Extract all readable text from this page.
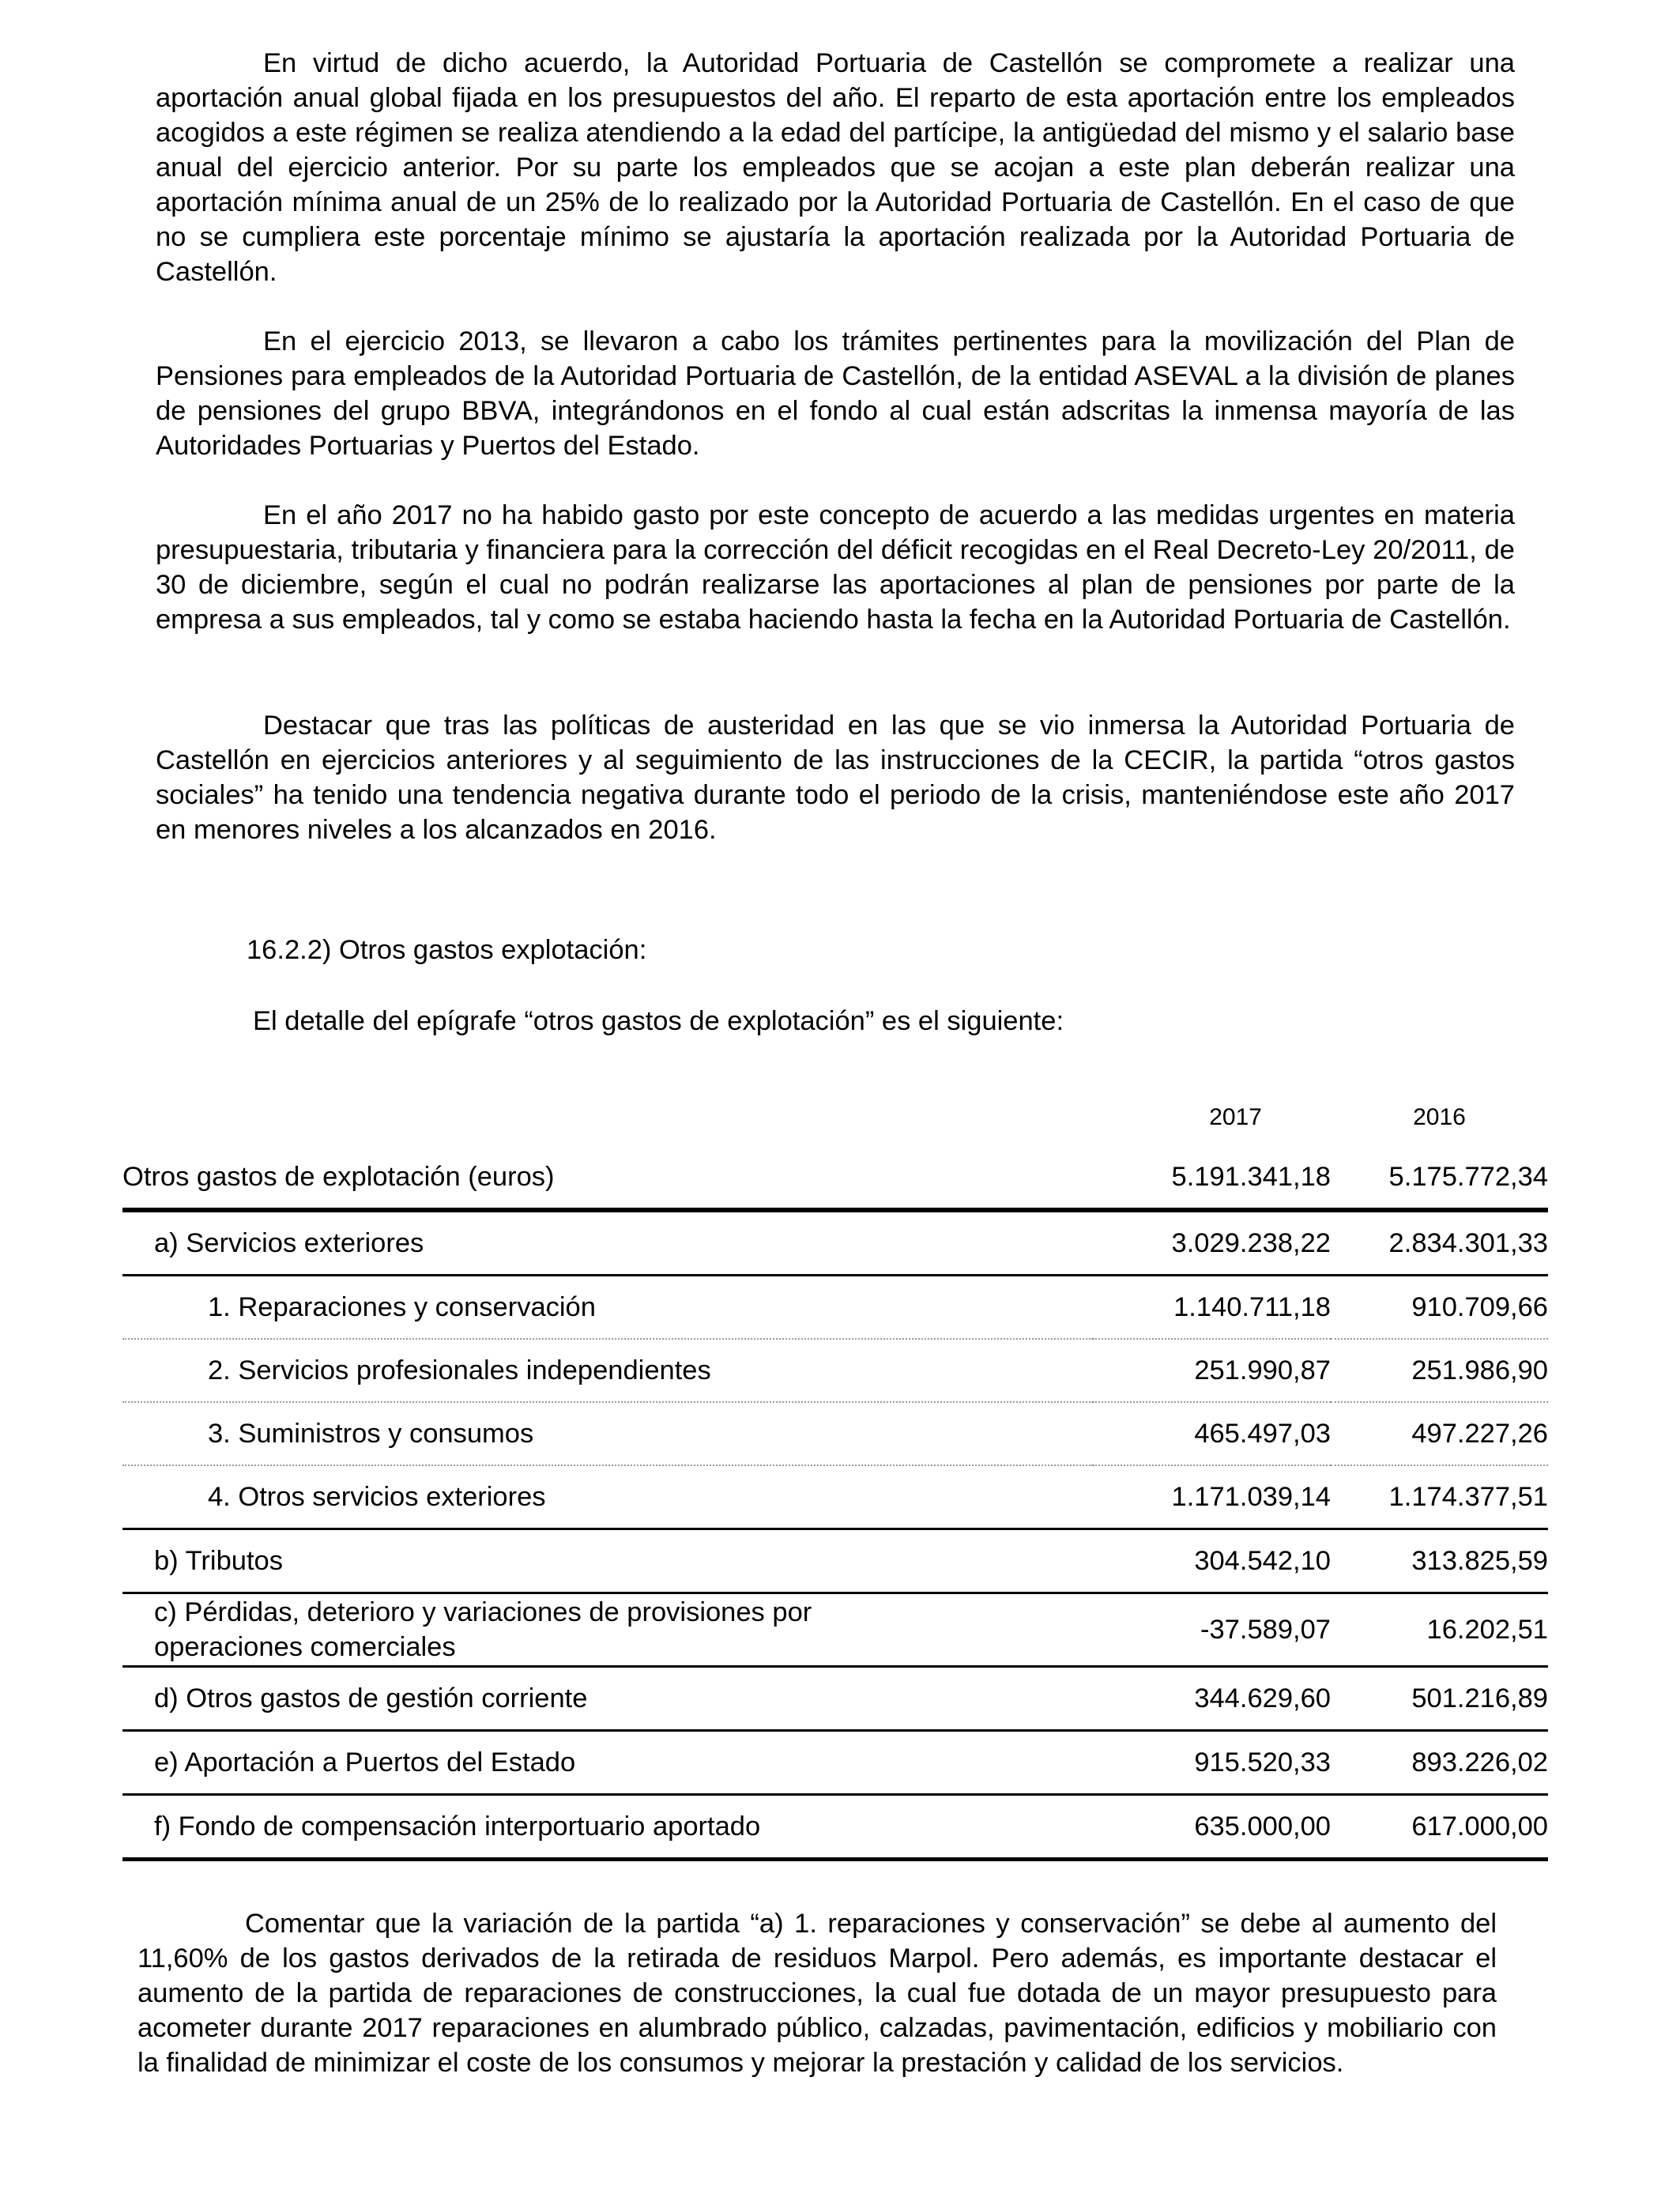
En virtud de dicho acuerdo, la Autoridad Portuaria de Castellón se compromete a realizar una aportación anual global fijada en los presupuestos del año. El reparto de esta aportación entre los empleados acogidos a este régimen se realiza atendiendo a la edad del partícipe, la antigüedad del mismo y el salario base anual del ejercicio anterior. Por su parte los empleados que se acojan a este plan deberán realizar una aportación mínima anual de un 25% de lo realizado por la Autoridad Portuaria de Castellón. En el caso de que no se cumpliera este porcentaje mínimo se ajustaría la aportación realizada por la Autoridad Portuaria de Castellón.

En el ejercicio 2013, se llevaron a cabo los trámites pertinentes para la movilización del Plan de Pensiones para empleados de la Autoridad Portuaria de Castellón, de la entidad ASEVAL a la división de planes de pensiones del grupo BBVA, integrándonos en el fondo al cual están adscritas la inmensa mayoría de las Autoridades Portuarias y Puertos del Estado.

En el año 2017 no ha habido gasto por este concepto de acuerdo a las medidas urgentes en materia presupuestaria, tributaria y financiera para la corrección del déficit recogidas en el Real Decreto-Ley 20/2011, de 30 de diciembre, según el cual no podrán realizarse las aportaciones al plan de pensiones por parte de la empresa a sus empleados, tal y como se estaba haciendo hasta la fecha en la Autoridad Portuaria de Castellón.

Destacar que tras las políticas de austeridad en las que se vio inmersa la Autoridad Portuaria de Castellón en ejercicios anteriores y al seguimiento de las instrucciones de la CECIR, la partida “otros gastos sociales” ha tenido una tendencia negativa durante todo el periodo de la crisis, manteniéndose este año 2017 en menores niveles a los alcanzados en 2016.

16.2.2) Otros gastos explotación:

El detalle del epígrafe “otros gastos de explotación” es el siguiente:

	2017	2016
Otros gastos de explotación (euros)	5.191.341,18	5.175.772,34
a) Servicios exteriores	3.029.238,22	2.834.301,33
1. Reparaciones y conservación	1.140.711,18	910.709,66
2. Servicios profesionales independientes	251.990,87	251.986,90
3. Suministros y consumos	465.497,03	497.227,26
4. Otros servicios exteriores	1.171.039,14	1.174.377,51
b) Tributos	304.542,10	313.825,59
c) Pérdidas, deterioro y variaciones de provisiones por operaciones comerciales	-37.589,07	16.202,51
d) Otros gastos de gestión corriente	344.629,60	501.216,89
e) Aportación a Puertos del Estado	915.520,33	893.226,02
f) Fondo de compensación interportuario aportado	635.000,00	617.000,00

Comentar que la variación de la partida “a) 1. reparaciones y conservación” se debe al aumento del 11,60% de los gastos derivados de la retirada de residuos Marpol. Pero además, es importante destacar el aumento de la partida de reparaciones de construcciones, la cual fue dotada de un mayor presupuesto para acometer durante 2017 reparaciones en alumbrado público, calzadas, pavimentación, edificios y mobiliario con la finalidad de minimizar el coste de los consumos y mejorar la prestación y calidad de los servicios.
